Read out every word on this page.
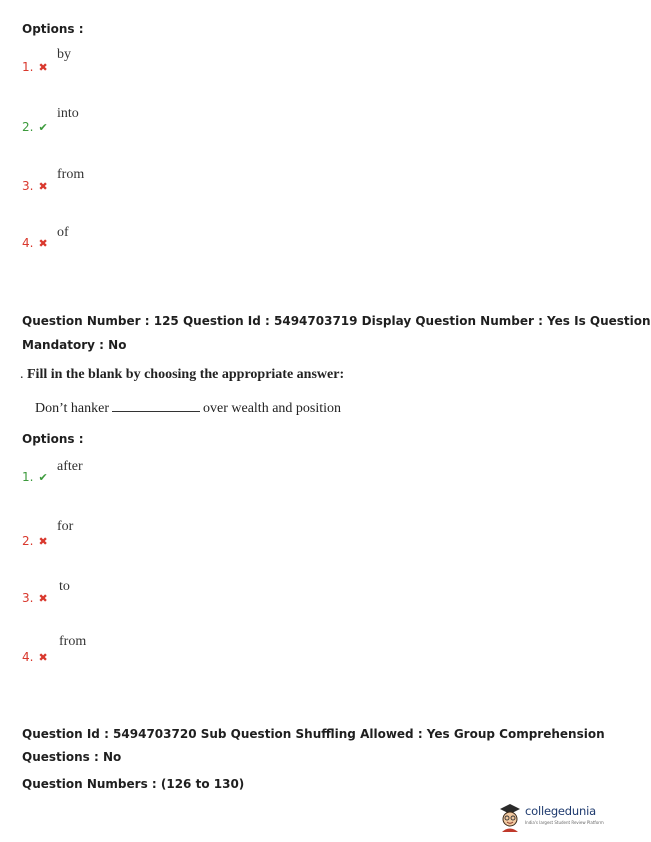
Options :
1. ✖
by
2. ✔
into
3. ✖
from
4. ✖
of
Question Number : 125 Question Id : 5494703719 Display Question Number : Yes Is Question
Mandatory : No
. Fill in the blank by choosing the appropriate answer:
Don’t hanker	over wealth and position
Options :
1. ✔
after
2. ✖
for
3. ✖
to
4. ✖
from
Question Id : 5494703720 Sub Question Shuffling Allowed : Yes Group Comprehension
Questions : No
Question Numbers : (126 to 130)
collegedunia
India's largest Student Review Platform
